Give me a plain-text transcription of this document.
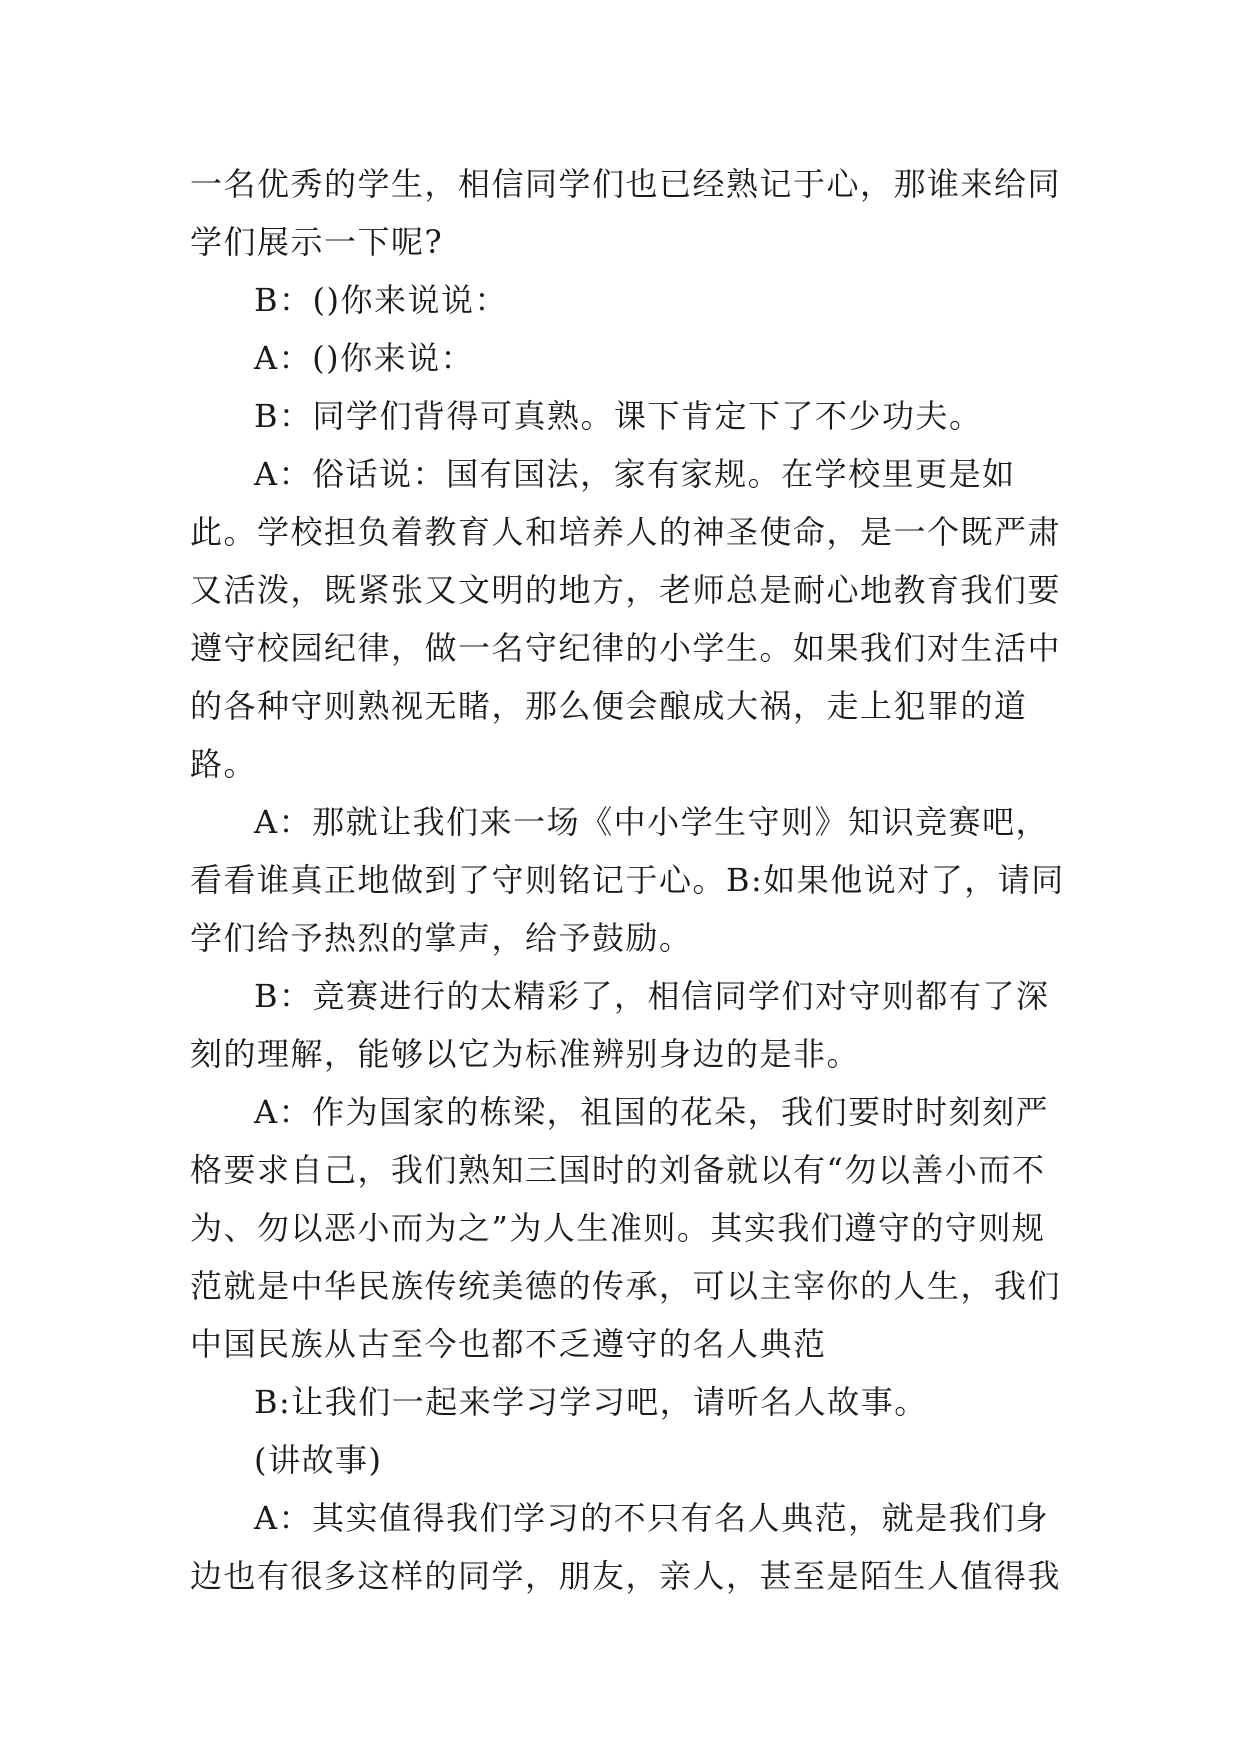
一名优秀的学生，相信同学们也已经熟记于心，那谁来给同学们展示一下呢?

B：()你来说说：

A：()你来说：

B：同学们背得可真熟。课下肯定下了不少功夫。

A：俗话说：国有国法，家有家规。在学校里更是如此。学校担负着教育人和培养人的神圣使命，是一个既严肃又活泼，既紧张又文明的地方，老师总是耐心地教育我们要遵守校园纪律，做一名守纪律的小学生。如果我们对生活中的各种守则熟视无睹，那么便会酿成大祸，走上犯罪的道路。

A：那就让我们来一场《中小学生守则》知识竞赛吧，看看谁真正地做到了守则铭记于心。B:如果他说对了，请同学们给予热烈的掌声，给予鼓励。

B：竞赛进行的太精彩了，相信同学们对守则都有了深刻的理解，能够以它为标准辨别身边的是非。

A：作为国家的栋梁，祖国的花朵，我们要时时刻刻严格要求自己，我们熟知三国时的刘备就以有“勿以善小而不为、勿以恶小而为之”为人生准则。其实我们遵守的守则规范就是中华民族传统美德的传承，可以主宰你的人生，我们中国民族从古至今也都不乏遵守的名人典范

B:让我们一起来学习学习吧，请听名人故事。

(讲故事)

A：其实值得我们学习的不只有名人典范，就是我们身边也有很多这样的同学，朋友，亲人，甚至是陌生人值得我
